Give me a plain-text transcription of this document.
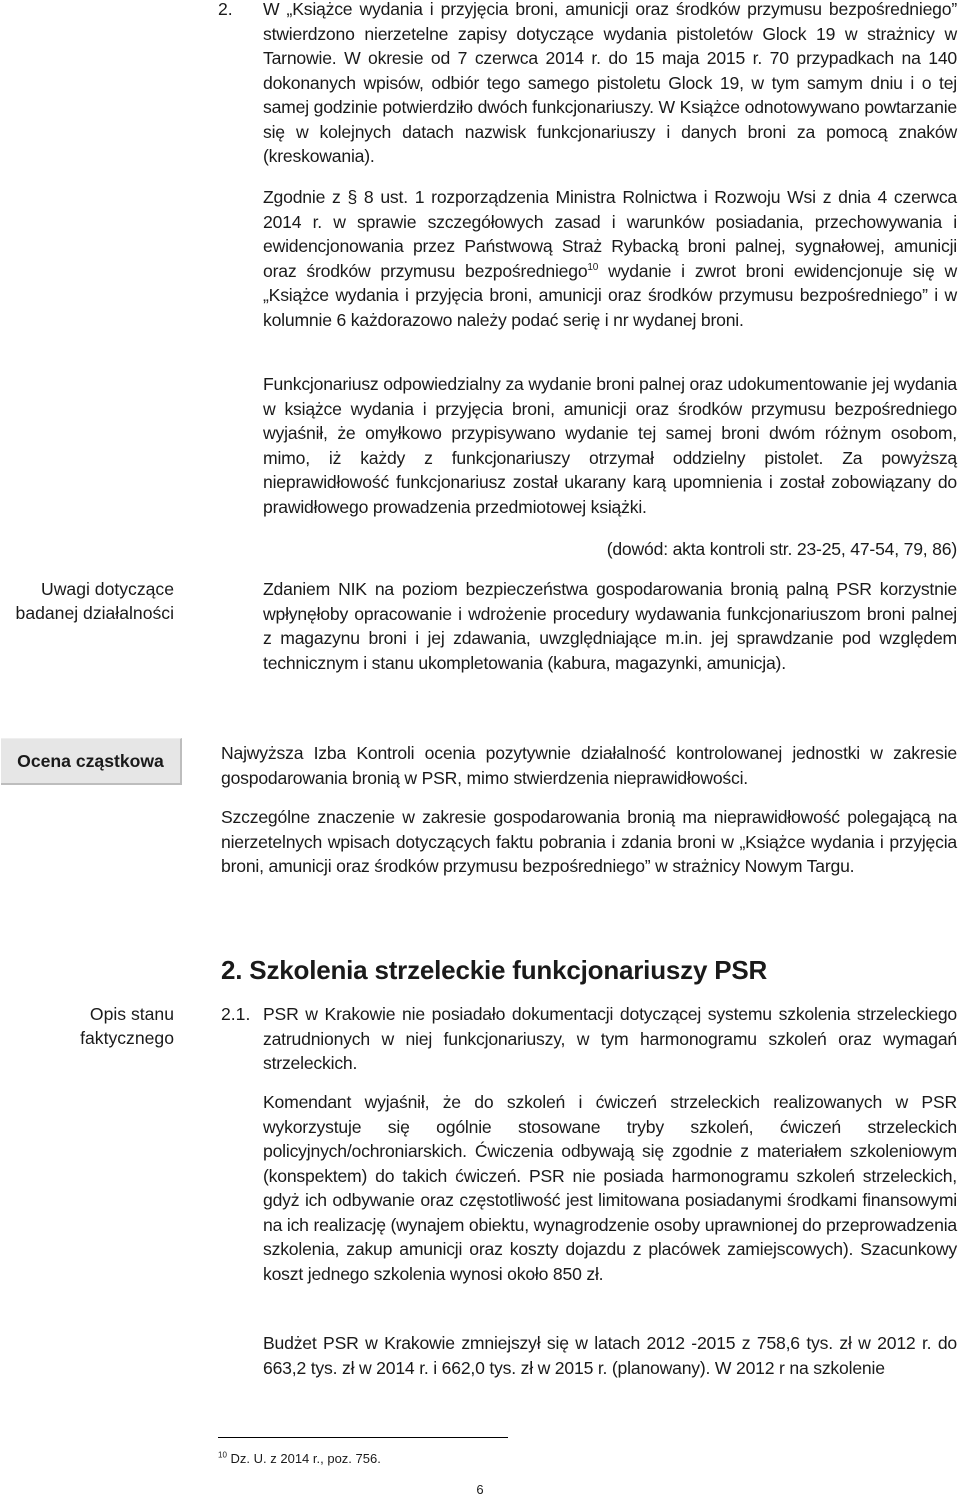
2. W „Książce wydania i przyjęcia broni, amunicji oraz środków przymusu bezpośredniego” stwierdzono nierzetelne zapisy dotyczące wydania pistoletów Glock 19 w strażnicy w Tarnowie. W okresie od 7 czerwca 2014 r. do 15 maja 2015 r. 70 przypadkach na 140 dokonanych wpisów, odbiór tego samego pistoletu Glock 19, w tym samym dniu i o tej samej godzinie potwierdziło dwóch funkcjonariuszy. W Książce odnotowywano powtarzanie się w kolejnych datach nazwisk funkcjonariuszy i danych broni za pomocą znaków (kreskowania).
Zgodnie z § 8 ust. 1 rozporządzenia Ministra Rolnictwa i Rozwoju Wsi z dnia 4 czerwca 2014 r. w sprawie szczegółowych zasad i warunków posiadania, przechowywania i ewidencjonowania przez Państwową Straż Rybacką broni palnej, sygnałowej, amunicji oraz środków przymusu bezpośredniego$^{10}$ wydanie i zwrot broni ewidencjonuje się w „Książce wydania i przyjęcia broni, amunicji oraz środków przymusu bezpośredniego” i w kolumnie 6 każdorazowo należy podać serię i nr wydanej broni.
Funkcjonariusz odpowiedzialny za wydanie broni palnej oraz udokumentowanie jej wydania w książce wydania i przyjęcia broni, amunicji oraz środków przymusu bezpośredniego wyjaśnił, że omyłkowo przypisywano wydanie tej samej broni dwóm różnym osobom, mimo, iż każdy z funkcjonariuszy otrzymał oddzielny pistolet. Za powyższą nieprawidłowość funkcjonariusz został ukarany karą upomnienia i został zobowiązany do prawidłowego prowadzenia przedmiotowej książki.
(dowód: akta kontroli str. 23-25, 47-54, 79, 86)
Uwagi dotyczące badanej działalności
Zdaniem NIK na poziom bezpieczeństwa gospodarowania bronią palną PSR korzystnie wpłynęłoby opracowanie i wdrożenie procedury wydawania funkcjonariuszom broni palnej z magazynu broni i jej zdawania, uwzględniające m.in. jej sprawdzanie pod względem technicznym i stanu ukompletowania (kabura, magazynki, amunicja).
Ocena cząstkowa	Najwyższa Izba Kontroli ocenia pozytywnie działalność kontrolowanej jednostki w zakresie gospodarowania bronią w PSR, mimo stwierdzenia nieprawidłowości.
Szczególne znaczenie w zakresie gospodarowania bronią ma nieprawidłowość polegającą na nierzetelnych wpisach dotyczących faktu pobrania i zdania broni w „Książce wydania i przyjęcia broni, amunicji oraz środków przymusu bezpośredniego” w strażnicy Nowym Targu.
2. Szkolenia strzeleckie funkcjonariuszy PSR
Opis stanu faktycznego
2.1. PSR w Krakowie nie posiadało dokumentacji dotyczącej systemu szkolenia strzeleckiego zatrudnionych w niej funkcjonariuszy, w tym harmonogramu szkoleń oraz wymagań strzeleckich.
Komendant wyjaśnił, że do szkoleń i ćwiczeń strzeleckich realizowanych w PSR wykorzystuje się ogólnie stosowane tryby szkoleń, ćwiczeń strzeleckich policyjnych/ochroniarskich. Ćwiczenia odbywają się zgodnie z materiałem szkoleniowym (konspektem) do takich ćwiczeń. PSR nie posiada harmonogramu szkoleń strzeleckich, gdyż ich odbywanie oraz częstotliwość jest limitowana posiadanymi środkami finansowymi na ich realizację (wynajem obiektu, wynagrodzenie osoby uprawnionej do przeprowadzenia szkolenia, zakup amunicji oraz koszty dojazdu z placówek zamiejscowych). Szacunkowy koszt jednego szkolenia wynosi około 850 zł.
Budżet PSR w Krakowie zmniejszył się w latach 2012 -2015 z 758,6 tys. zł w 2012 r. do 663,2 tys. zł w 2014 r. i 662,0 tys. zł w 2015 r. (planowany). W 2012 r na szkolenie
$^{10}$ Dz. U. z 2014 r., poz. 756.
6
